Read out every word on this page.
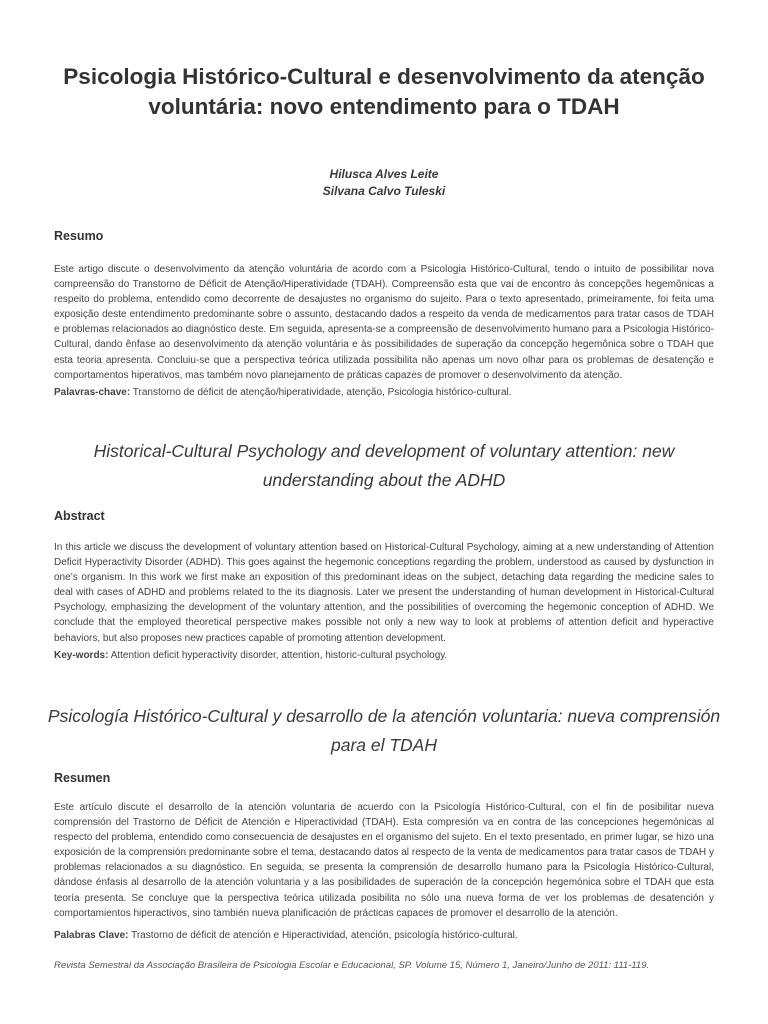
Psicologia Histórico-Cultural e desenvolvimento da atenção voluntária: novo entendimento para o TDAH
Hilusca Alves Leite
Silvana Calvo Tuleski
Resumo

Este artigo discute o desenvolvimento da atenção voluntária de acordo com a Psicologia Histórico-Cultural, tendo o intuito de possibilitar nova compreensão do Transtorno de Déficit de Atenção/Hiperatividade (TDAH). Compreensão esta que vai de encontro às concepções hegemônicas a respeito do problema, entendido como decorrente de desajustes no organismo do sujeito. Para o texto apresentado, primeiramente, foi feita uma exposição deste entendimento predominante sobre o assunto, destacando dados a respeito da venda de medicamentos para tratar casos de TDAH e problemas relacionados ao diagnóstico deste. Em seguida, apresenta-se a compreensão de desenvolvimento humano para a Psicologia Histórico-Cultural, dando ênfase ao desenvolvimento da atenção voluntária e às possibilidades de superação da concepção hegemônica sobre o TDAH que esta teoria apresenta. Concluiu-se que a perspectiva teórica utilizada possibilita não apenas um novo olhar para os problemas de desatenção e comportamentos hiperativos, mas também novo planejamento de práticas capazes de promover o desenvolvimento da atenção.

Palavras-chave: Transtorno de déficit de atenção/hiperatividade, atenção, Psicologia histórico-cultural.
Historical-Cultural Psychology and development of voluntary attention: new understanding about the ADHD
Abstract

In this article we discuss the development of voluntary attention based on Historical-Cultural Psychology, aiming at a new understanding of Attention Deficit Hyperactivity Disorder (ADHD). This goes against the hegemonic conceptions regarding the problem, understood as caused by dysfunction in one’s organism. In this work we first make an exposition of this predominant ideas on the subject, detaching data regarding the medicine sales to deal with cases of ADHD and problems related to the its diagnosis. Later we present the understanding of human development in Historical-Cultural Psychology, emphasizing the development of the voluntary attention, and the possibilities of overcoming the hegemonic conception of ADHD. We conclude that the employed theoretical perspective makes possible not only a new way to look at problems of attention deficit and hyperactive behaviors, but also proposes new practices capable of promoting attention development.

Key-words: Attention deficit hyperactivity disorder, attention, historic-cultural psychology.
Psicología Histórico-Cultural y desarrollo de la atención voluntaria: nueva comprensión para el TDAH
Resumen

Este artículo discute el desarrollo de la atención voluntaria de acuerdo con la Psicología Histórico-Cultural, con el fin de posibilitar nueva comprensión del Trastorno de Déficit de Atención e Hiperactividad (TDAH). Esta compresión va en contra de las concepciones hegemónicas al respecto del problema, entendido como consecuencia de desajustes en el organismo del sujeto. En el texto presentado, en primer lugar, se hizo una exposición de la comprensión predominante sobre el tema, destacando datos al respecto de la venta de medicamentos para tratar casos de TDAH y problemas relacionados a su diagnóstico. En seguida, se presenta la comprensión de desarrollo humano para la Psicología Histórico-Cultural, dándose énfasis al desarrollo de la atención voluntaria y a las posibilidades de superación de la concepción hegemónica sobre el TDAH que esta teoría presenta. Se concluye que la perspectiva teórica utilizada posibilita no sólo una nueva forma de ver los problemas de desatención y comportamientos hiperactivos, sino también nueva planificación de prácticas capaces de promover el desarrollo de la atención.

Palabras Clave: Trastorno de déficit de atención e Hiperactividad, atención, psicología histórico-cultural.
Revista Semestral da Associação Brasileira de Psicologia Escolar e Educacional, SP. Volume 15, Número 1, Janeiro/Junho de 2011: 111-119.
